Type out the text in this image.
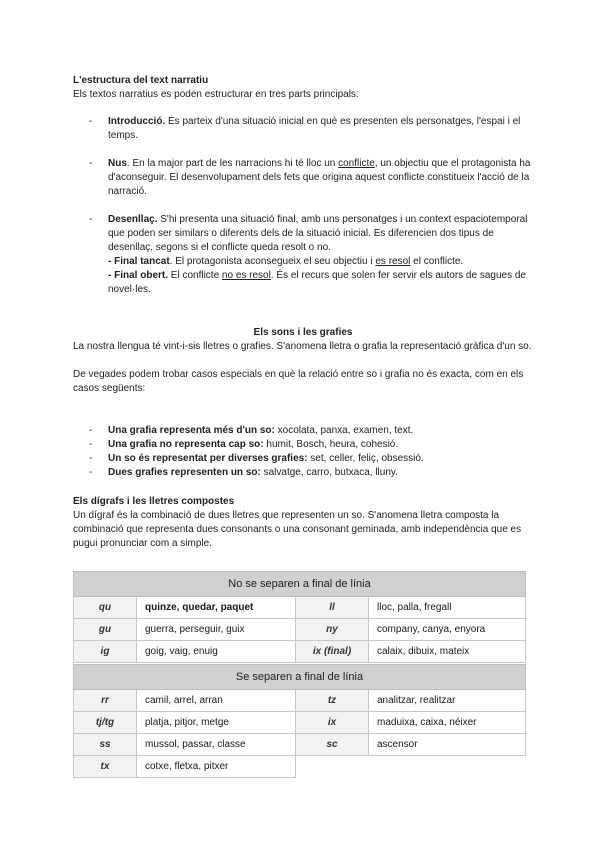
L'estructura del text narratiu

Els textos narratius es poden estructurar en tres parts principals:

- Introducció. Es parteix d'una situació inicial en què es presenten els personatges, l'espai i el temps.
- Nus. En la major part de les narracions hi té lloc un conflicte, un objectiu que el protagonista ha d'aconseguir. El desenvolupament dels fets que origina aquest conflicte constitueix l'acció de la narració.
- Desenllaç. S'hi presenta una situació final, amb uns personatges i un context espaciotemporal que poden ser similars o diferents dels de la situació inicial. Es diferencien dos tipus de desenllaç, segons si el conflicte queda resolt o no.
- Final tancat. El protagonista aconsegueix el seu objectiu i es resol el conflicte.
- Final obert. El conflicte no es resol. És el recurs que solen fer servir els autors de sagues de novel·les.

Els sons i les grafies

La nostra llengua té vint-i-sis lletres o grafies. S'anomena lletra o grafia la representació gràfica d'un so.

De vegades podem trobar casos especials en què la relació entre so i grafia no és exacta, com en els casos següents:

- Una grafia representa més d'un so: xocolata, panxa, examen, text.
- Una grafia no representa cap so: humit, Bosch, heura, cohesió.
- Un so és representat per diverses grafies: set, celler, feliç, obsessió.
- Dues grafies representen un so: salvatge, carro, butxaca, lluny.

Els dígrafs i les lletres compostes

Un dígraf és la combinació de dues lletres que representen un so. S'anomena lletra composta la combinació que representa dues consonants o una consonant geminada, amb independència que es pugui pronunciar com a simple.

No se separen a final de línia			
qu	quinze, quedar, paquet	ll	lloc, palla, fregall
gu	guerra, perseguir, guix	ny	company, canya, enyora
ig	goig, vaig, enuig	ix (final)	calaix, dibuix, mateix
Se separen a final de línia			
rr	camil, arrel, arran	tz	analitzar, realitzar
tj/tg	platja, pitjor, metge	ix	maduixa, caixa, néixer
ss	mussol, passar, classe	sc	ascensor
tx	cotxe, fletxa, pitxer		
